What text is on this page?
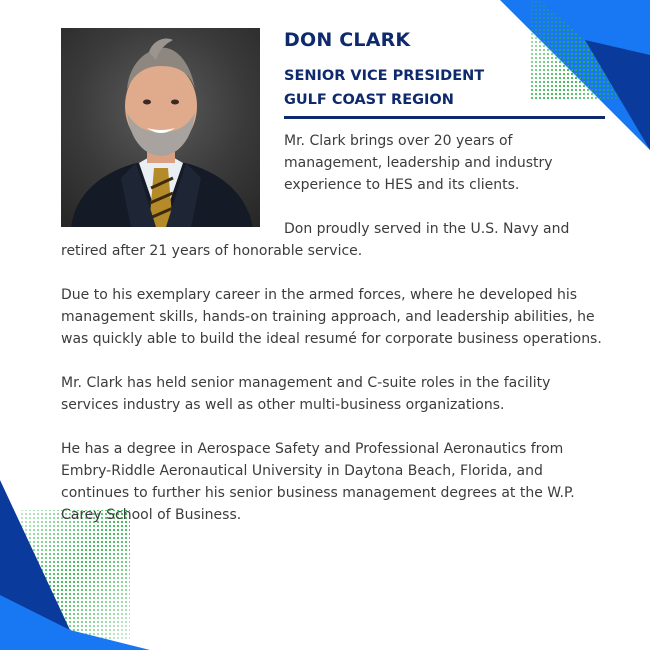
DON CLARK
SENIOR VICE PRESIDENT
GULF COAST REGION

Mr. Clark brings over 20 years of management, leadership and industry experience to HES and its clients.

Don proudly served in the U.S. Navy and retired after 21 years of honorable service.

Due to his exemplary career in the armed forces, where he developed his management skills, hands-on training approach, and leadership abilities, he was quickly able to build the ideal resumé for corporate business operations.

Mr. Clark has held senior management and C-suite roles in the facility services industry as well as other multi-business organizations.

He has a degree in Aerospace Safety and Professional Aeronautics from Embry-Riddle Aeronautical University in Daytona Beach, Florida, and continues to further his senior business management degrees at the W.P. Carey School of Business.
